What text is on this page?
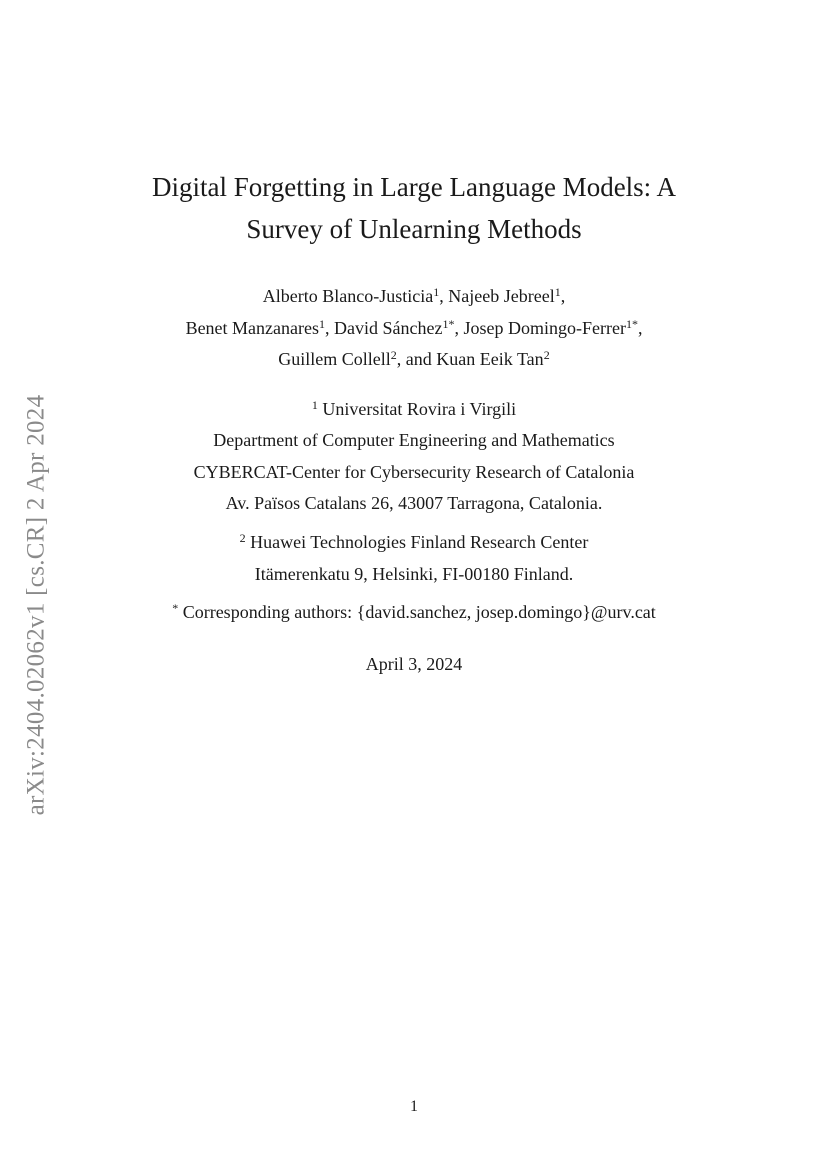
arXiv:2404.02062v1 [cs.CR] 2 Apr 2024
Digital Forgetting in Large Language Models: A
Survey of Unlearning Methods
Alberto Blanco-Justicia$^1$, Najeeb Jebreel$^1$,
Benet Manzanares$^1$, David Sánchez$^{1*}$, Josep Domingo-Ferrer$^{1*}$,
Guillem Collell$^2$, and Kuan Eeik Tan$^2$
$^1$ Universitat Rovira i Virgili
Department of Computer Engineering and Mathematics
CYBERCAT-Center for Cybersecurity Research of Catalonia
Av. Països Catalans 26, 43007 Tarragona, Catalonia.
$^2$ Huawei Technologies Finland Research Center
Itämerenkatu 9, Helsinki, FI-00180 Finland.
* Corresponding authors: {david.sanchez, josep.domingo}@urv.cat
April 3, 2024
1
